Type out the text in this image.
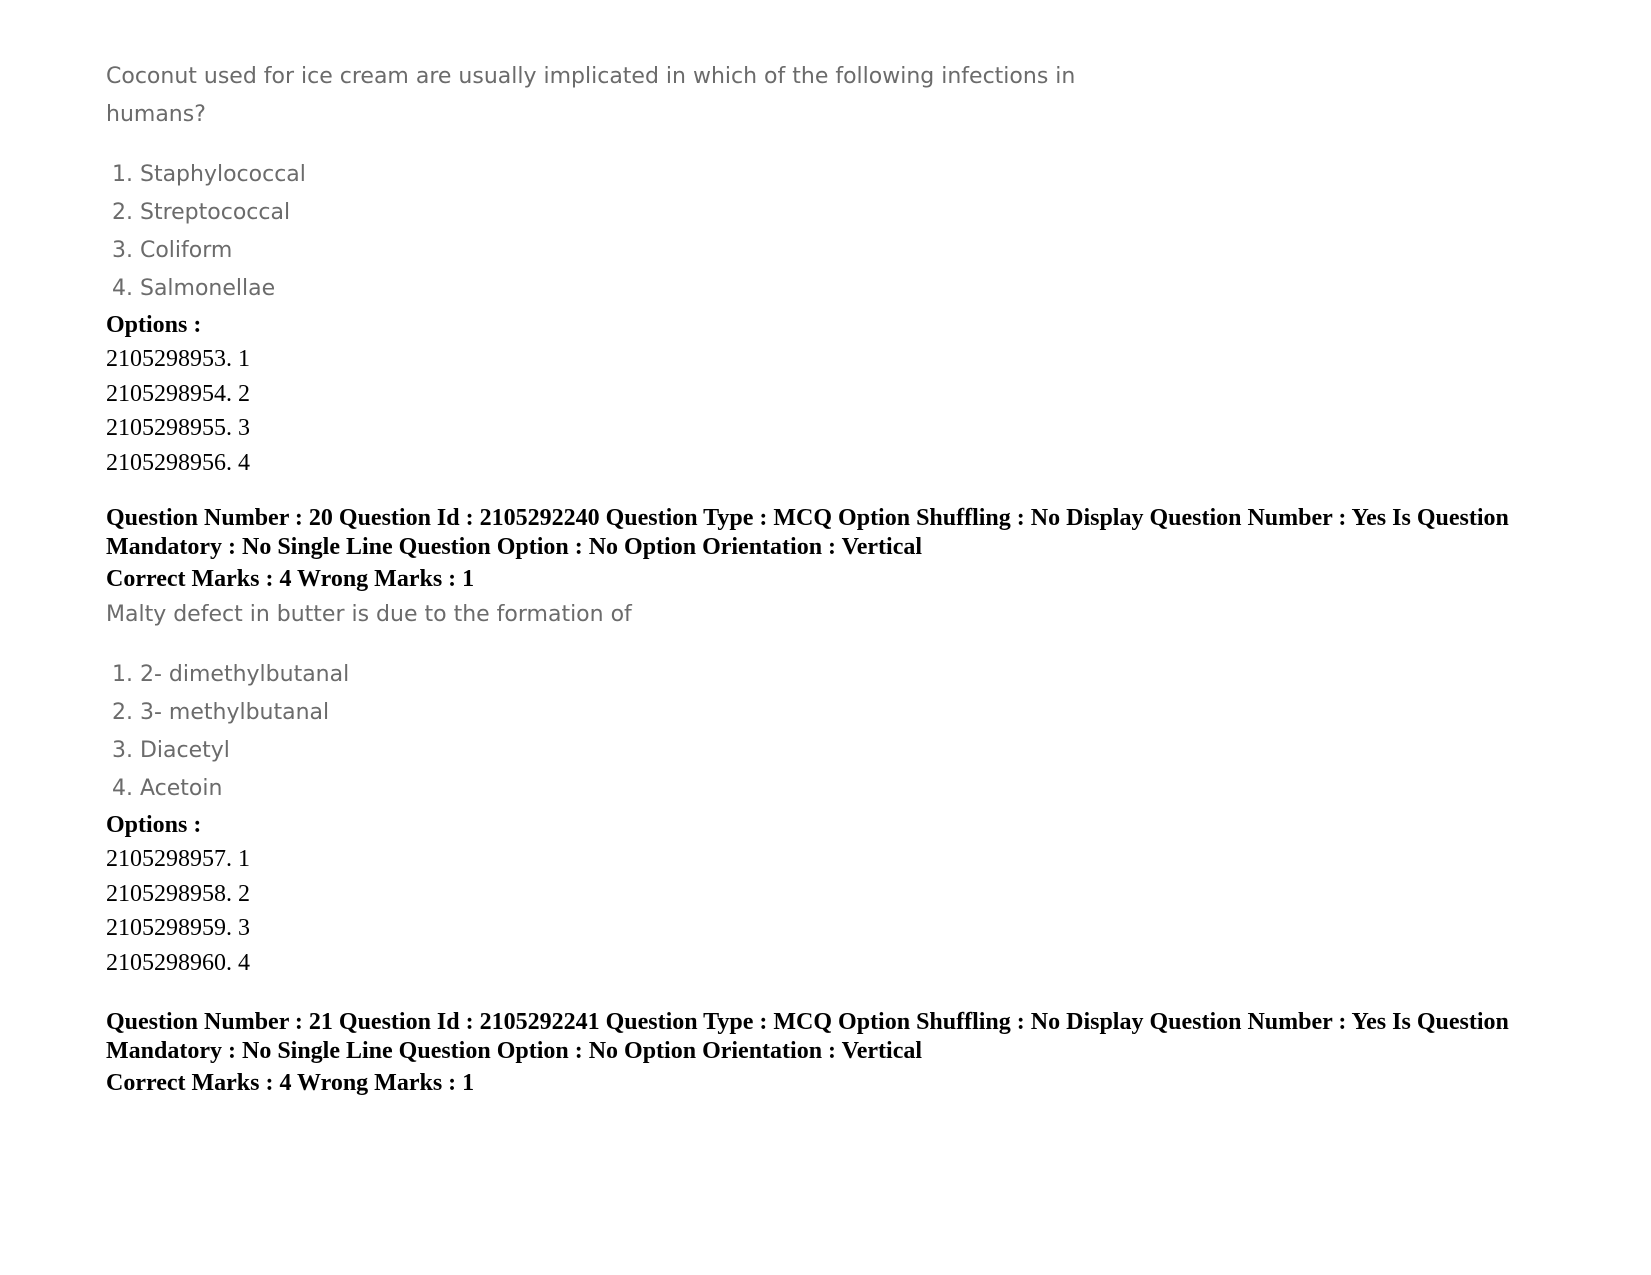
Coconut used for ice cream are usually implicated in which of the following infections in humans?

1. Staphylococcal
2. Streptococcal
3. Coliform
4. Salmonellae
Options :
2105298953. 1
2105298954. 2
2105298955. 3
2105298956. 4

Question Number : 20 Question Id : 2105292240 Question Type : MCQ Option Shuffling : No Display Question Number : Yes Is Question Mandatory : No Single Line Question Option : No Option Orientation : Vertical

Correct Marks : 4 Wrong Marks : 1

Malty defect in butter is due to the formation of

1. 2- dimethylbutanal
2. 3- methylbutanal
3. Diacetyl
4. Acetoin
Options :
2105298957. 1
2105298958. 2
2105298959. 3
2105298960. 4

Question Number : 21 Question Id : 2105292241 Question Type : MCQ Option Shuffling : No Display Question Number : Yes Is Question Mandatory : No Single Line Question Option : No Option Orientation : Vertical

Correct Marks : 4 Wrong Marks : 1
